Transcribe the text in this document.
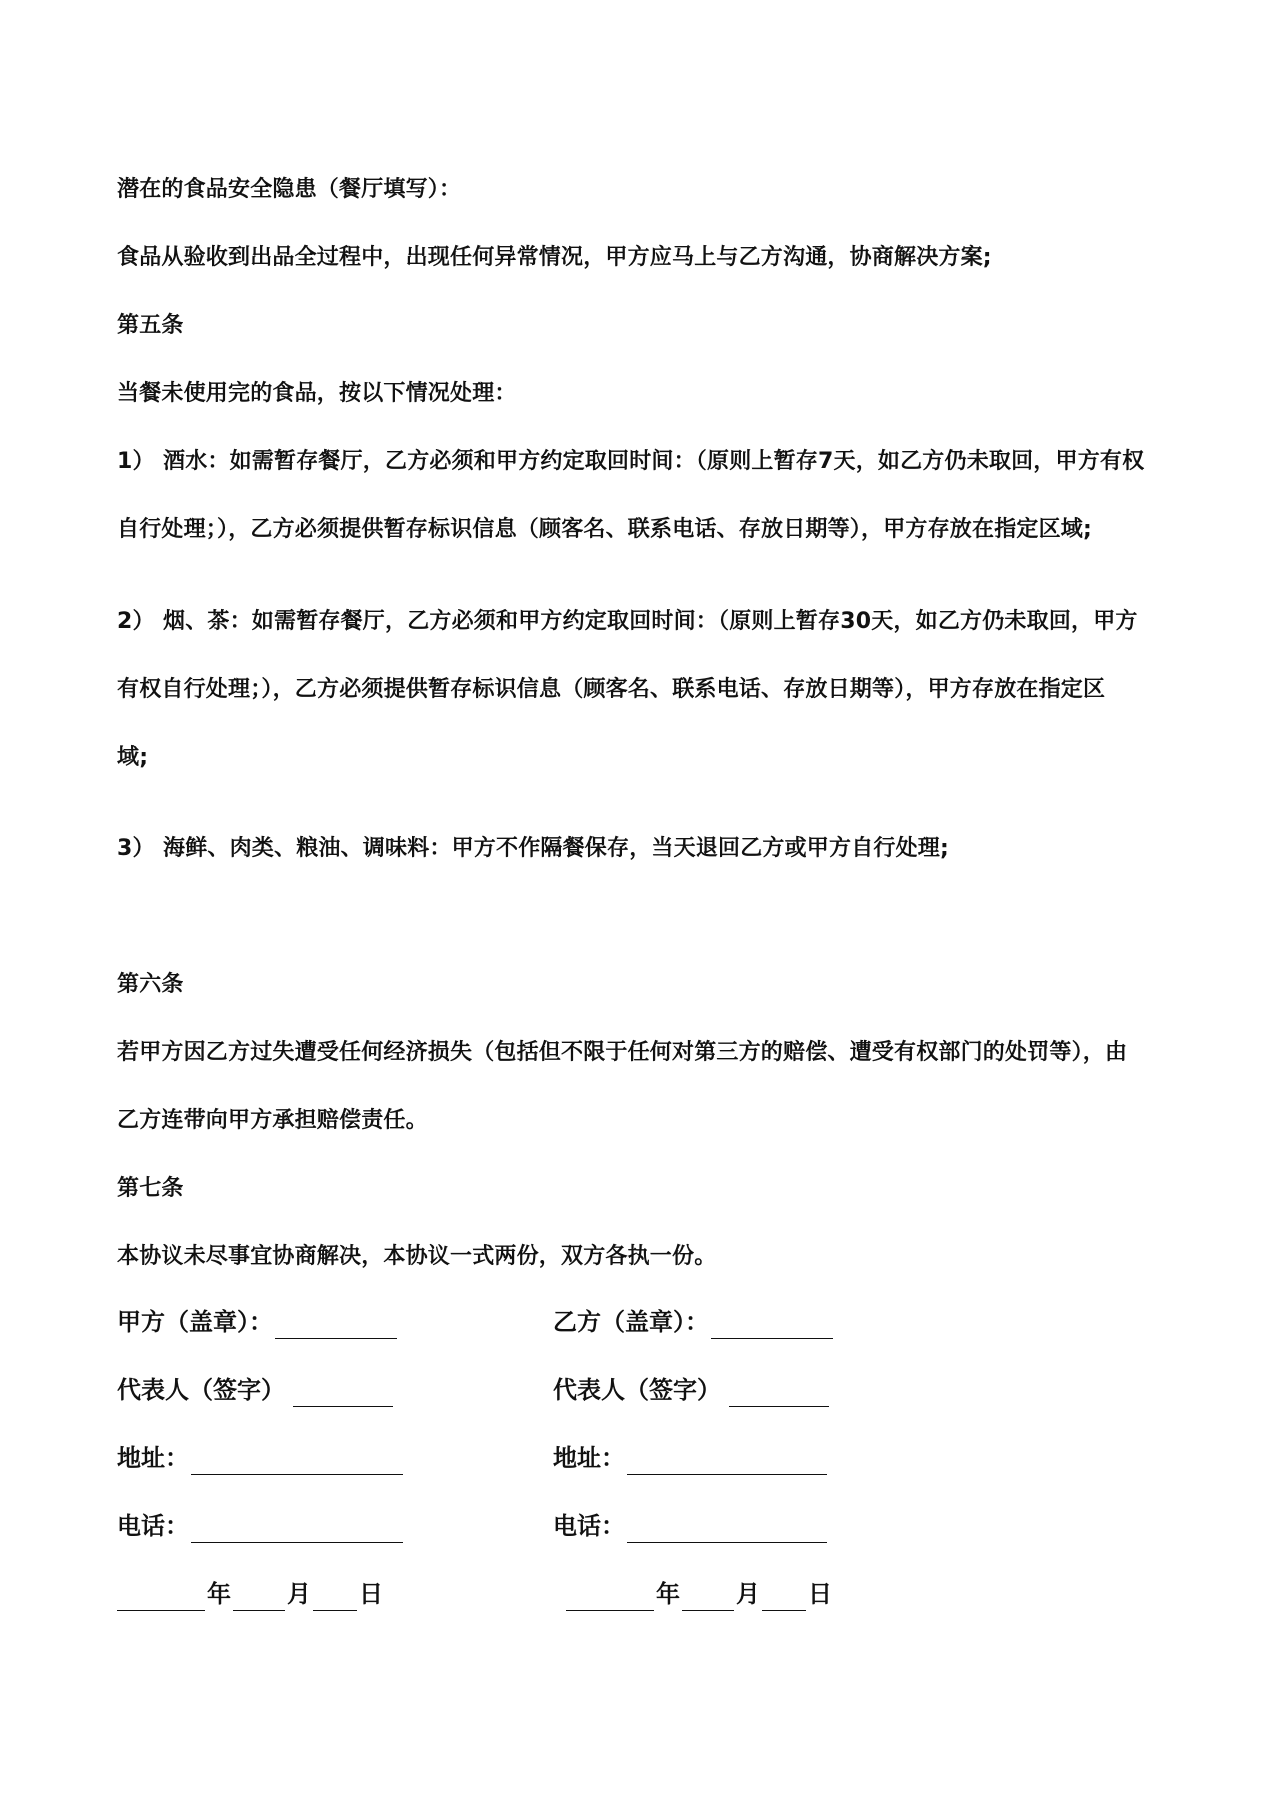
潜在的食品安全隐患（餐厅填写）：
食品从验收到出品全过程中，出现任何异常情况，甲方应马上与乙方沟通，协商解决方案;
第五条
当餐未使用完的食品，按以下情况处理：
1） 酒水：如需暂存餐厅，乙方必须和甲方约定取回时间：（原则上暂存7天，如乙方仍未取回，甲方有权
自行处理；），乙方必须提供暂存标识信息（顾客名、联系电话、存放日期等），甲方存放在指定区域;
2） 烟、茶：如需暂存餐厅，乙方必须和甲方约定取回时间：（原则上暂存30天，如乙方仍未取回，甲方
有权自行处理；），乙方必须提供暂存标识信息（顾客名、联系电话、存放日期等），甲方存放在指定区
域;
3） 海鲜、肉类、粮油、调味料：甲方不作隔餐保存，当天退回乙方或甲方自行处理;
第六条
若甲方因乙方过失遭受任何经济损失（包括但不限于任何对第三方的赔偿、遭受有权部门的处罚等），由
乙方连带向甲方承担赔偿责任。
第七条
本协议未尽事宜协商解决，本协议一式两份，双方各执一份。
甲方（盖章）：
代表人（签字）
地址：
电话：
年 月 日
乙方（盖章）：
代表人（签字）
地址：
电话：
年 月 日
